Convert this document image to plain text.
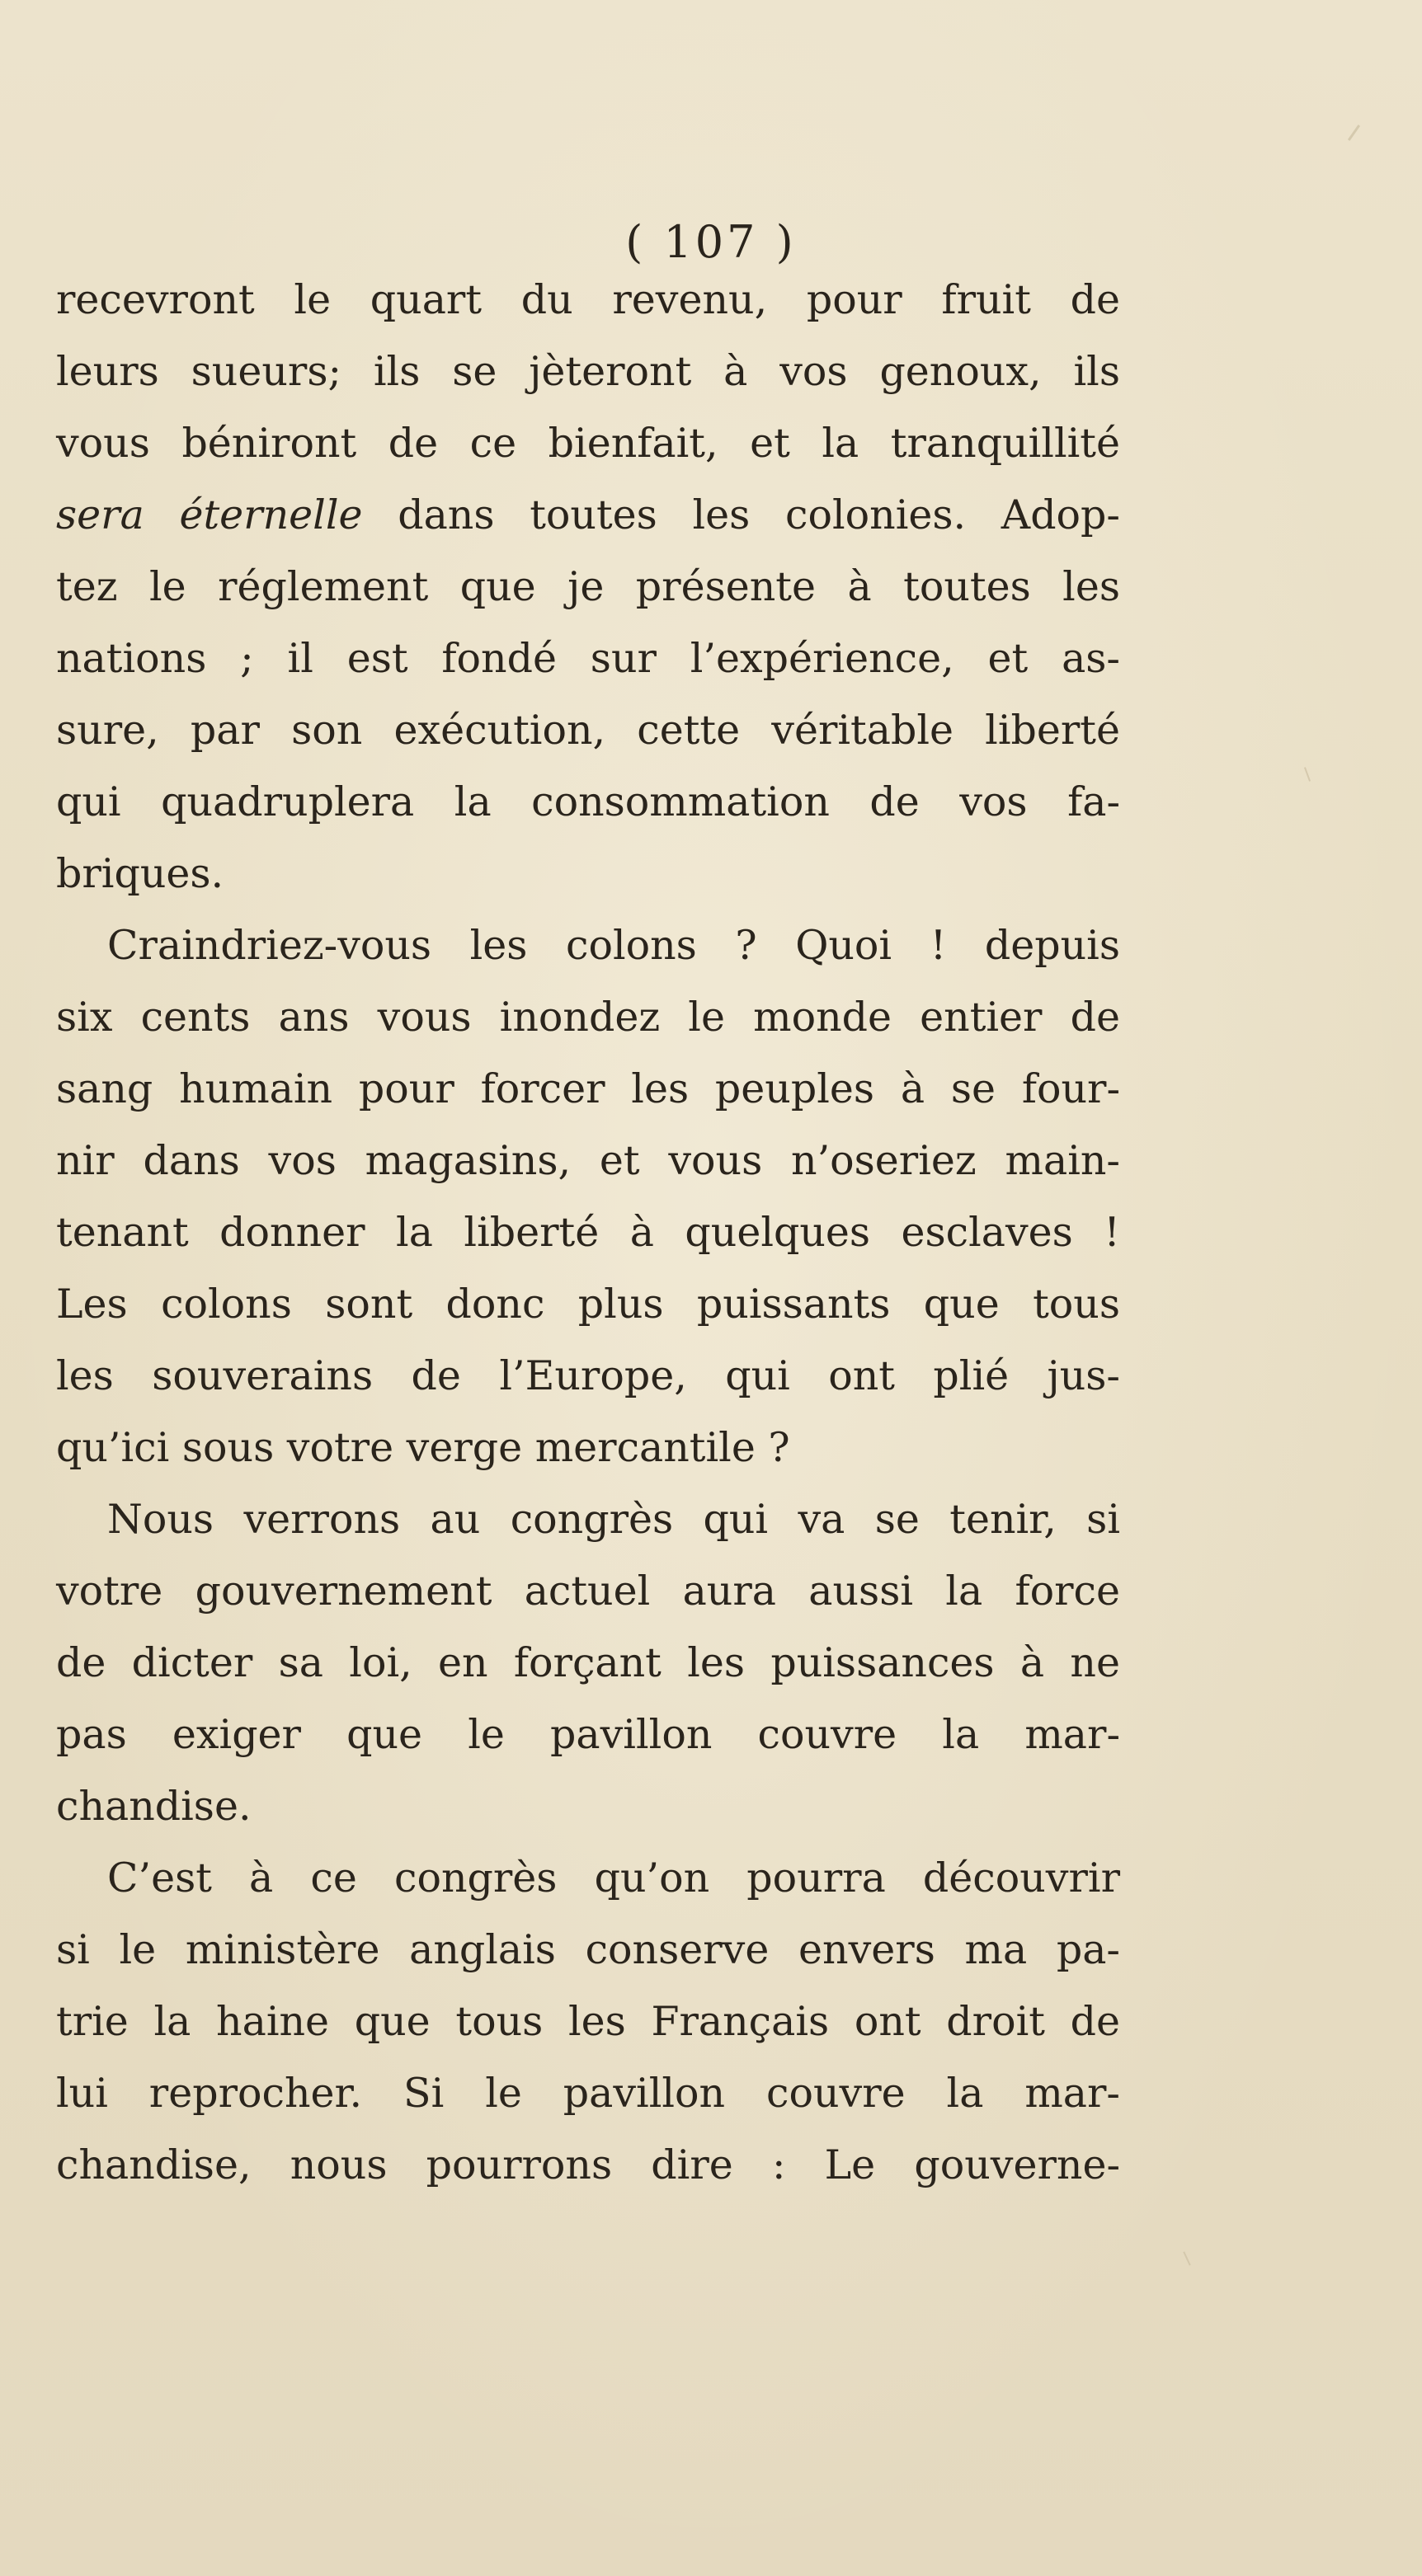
( 107 )
recevront le quart du revenu, pour fruit de
leurs sueurs; ils se jèteront à vos genoux, ils
vous béniront de ce bienfait, et la tranquillité
sera éternelle dans toutes les colonies. Adop-
tez le réglement que je présente à toutes les
nations ; il est fondé sur l’expérience, et as-
sure, par son exécution, cette véritable liberté
qui quadruplera la consommation de vos fa-
briques.
Craindriez-vous les colons ? Quoi ! depuis
six cents ans vous inondez le monde entier de
sang humain pour forcer les peuples à se four-
nir dans vos magasins, et vous n’oseriez main-
tenant donner la liberté à quelques esclaves !
Les colons sont donc plus puissants que tous
les souverains de l’Europe, qui ont plié jus-
qu’ici sous votre verge mercantile ?
Nous verrons au congrès qui va se tenir, si
votre gouvernement actuel aura aussi la force
de dicter sa loi, en forçant les puissances à ne
pas exiger que le pavillon couvre la mar-
chandise.
C’est à ce congrès qu’on pourra découvrir
si le ministère anglais conserve envers ma pa-
trie la haine que tous les Français ont droit de
lui reprocher. Si le pavillon couvre la mar-
chandise, nous pourrons dire : Le gouverne-
